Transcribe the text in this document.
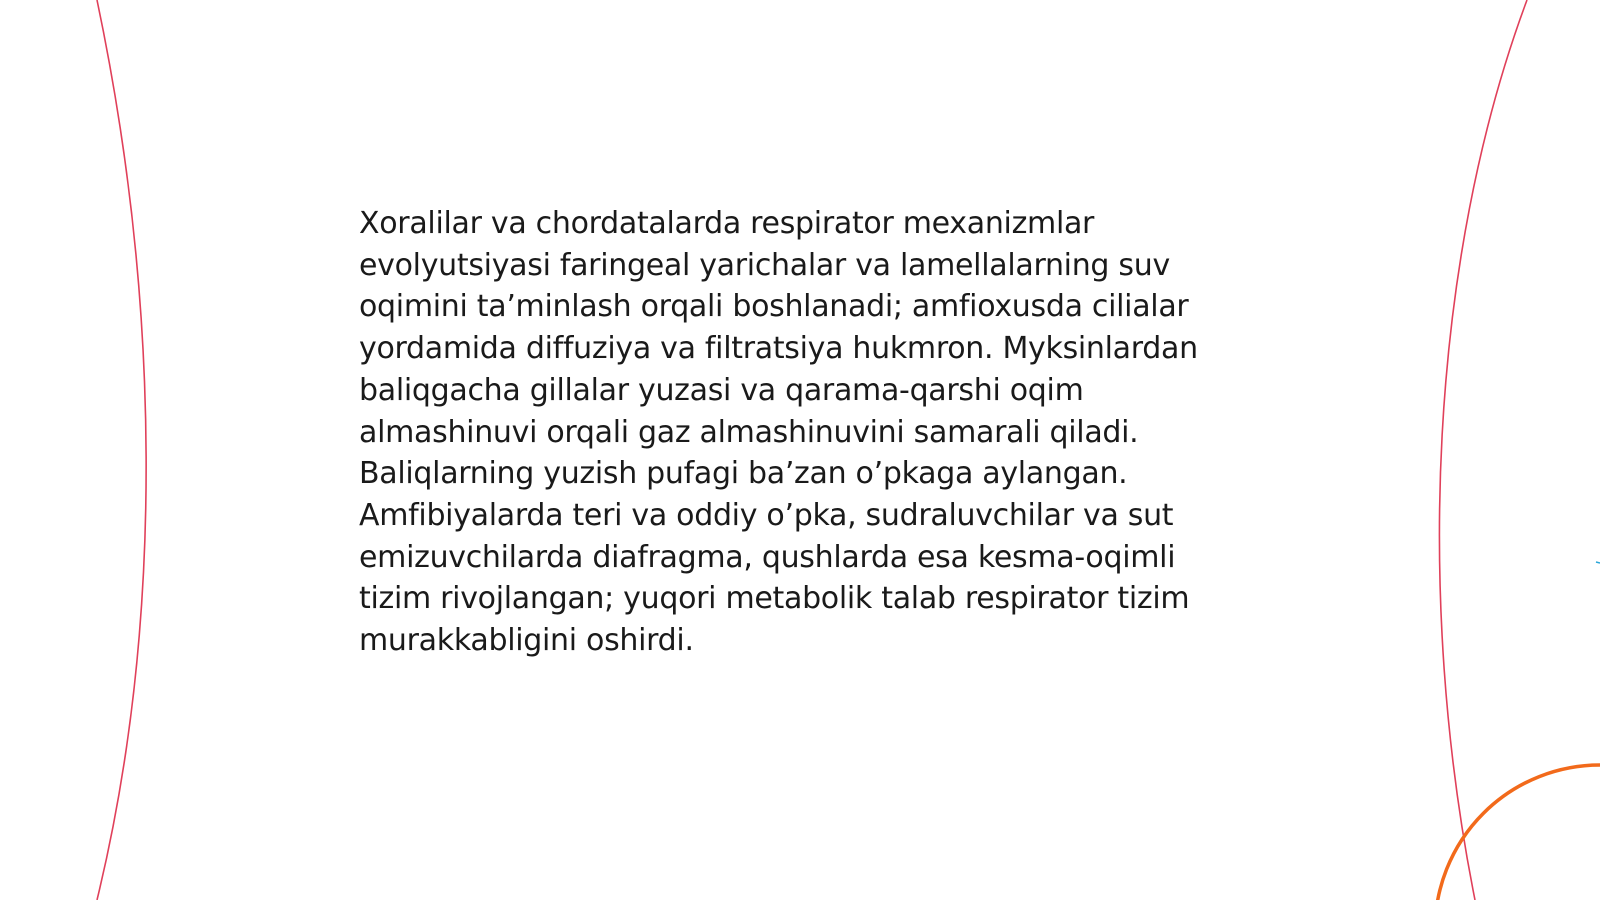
Xoralilar va chordatalarda respirator mexanizmlar evolyutsiyasi faringeal yarichalar va lamellalarning suv oqimini ta’minlash orqali boshlanadi; amfioxusda cilialar yordamida diffuziya va filtratsiya hukmron. Myksinlardan baliqgacha gillalar yuzasi va qarama-qarshi oqim almashinuvi orqali gaz almashinuvini samarali qiladi. Baliqlarning yuzish pufagi ba’zan o’pkaga aylangan. Amfibiyalarda teri va oddiy o’pka, sudraluvchilar va sut emizuvchilarda diafragma, qushlarda esa kesma-oqimli tizim rivojlangan; yuqori metabolik talab respirator tizim murakkabligini oshirdi.
